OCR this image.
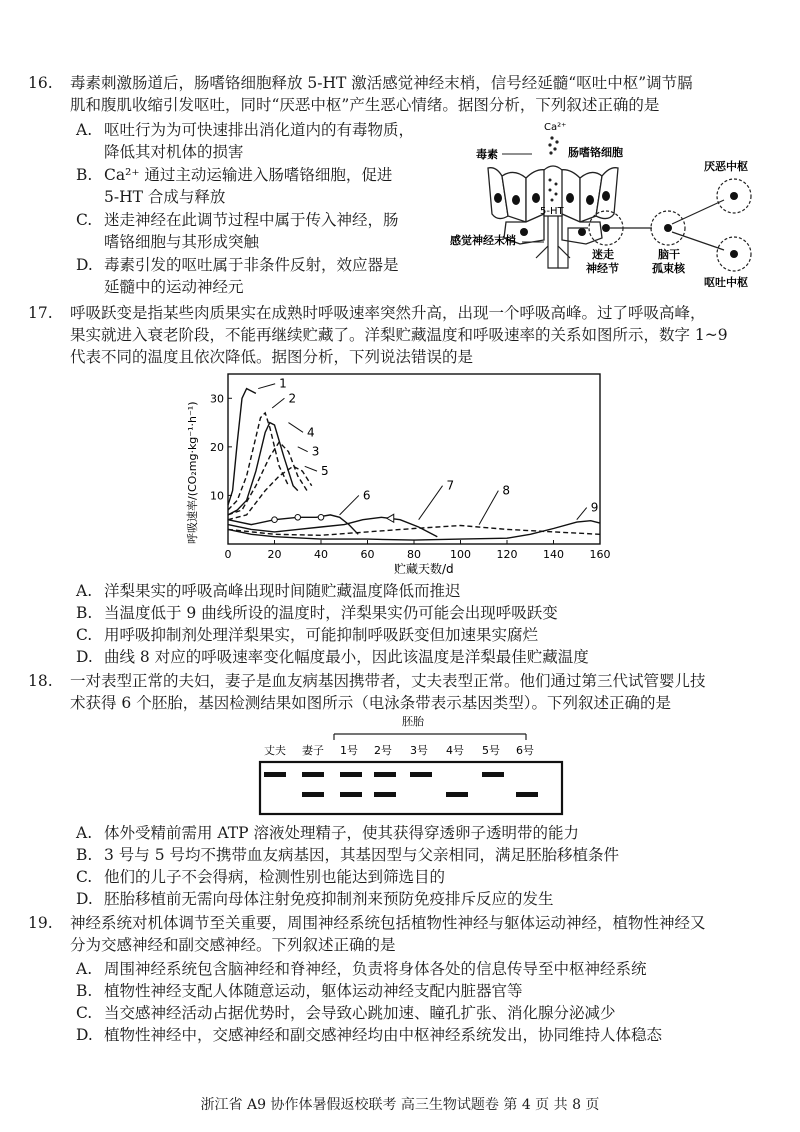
16. 毒素刺激肠道后，肠嗜铬细胞释放 5-HT 激活感觉神经末梢，信号经延髓“呕吐中枢”调节膈
肌和腹肌收缩引发呕吐，同时“厌恶中枢”产生恶心情绪。据图分析，下列叙述正确的是
A. 呕吐行为为可快速排出消化道内的有毒物质，
降低其对机体的损害
B. Ca²⁺ 通过主动运输进入肠嗜铬细胞，促进
5-HT 合成与释放
C. 迷走神经在此调节过程中属于传入神经，肠
嗜铬细胞与其形成突触
D. 毒素引发的呕吐属于非条件反射，效应器是
延髓中的运动神经元
Ca²⁺
毒素	肠嗜铬细胞
5-HT
感觉神经末梢
迷走
神经节
脑干
孤束核
厌恶中枢
呕吐中枢
17. 呼吸跃变是指某些肉质果实在成熟时呼吸速率突然升高，出现一个呼吸高峰。过了呼吸高峰，
果实就进入衰老阶段，不能再继续贮藏了。洋梨贮藏温度和呼吸速率的关系如图所示，数字 1~9
代表不同的温度且依次降低。据图分析，下列说法错误的是
呼吸速率/(CO₂mg·kg⁻¹·h⁻¹)
贮藏天数/d
0	20	40	60	80	100 120 140 160
10
20
30
1
2
4
3
5
6
7	8
9
A. 洋梨果实的呼吸高峰出现时间随贮藏温度降低而推迟
B. 当温度低于 9 曲线所设的温度时，洋梨果实仍可能会出现呼吸跃变
C. 用呼吸抑制剂处理洋梨果实，可能抑制呼吸跃变但加速果实腐烂
D. 曲线 8 对应的呼吸速率变化幅度最小，因此该温度是洋梨最佳贮藏温度
18. 一对表型正常的夫妇，妻子是血友病基因携带者，丈夫表型正常。他们通过第三代试管婴儿技
术获得 6 个胚胎，基因检测结果如图所示（电泳条带表示基因类型）。下列叙述正确的是
胚胎
丈夫 妻子 1号 2号 3号 4号 5号 6号
A. 体外受精前需用 ATP 溶液处理精子，使其获得穿透卵子透明带的能力
B. 3 号与 5 号均不携带血友病基因，其基因型与父亲相同，满足胚胎移植条件
C. 他们的儿子不会得病，检测性别也能达到筛选目的
D. 胚胎移植前无需向母体注射免疫抑制剂来预防免疫排斥反应的发生
19. 神经系统对机体调节至关重要，周围神经系统包括植物性神经与躯体运动神经，植物性神经又
分为交感神经和副交感神经。下列叙述正确的是
A. 周围神经系统包含脑神经和脊神经，负责将身体各处的信息传导至中枢神经系统
B. 植物性神经支配人体随意运动，躯体运动神经支配内脏器官等
C. 当交感神经活动占据优势时，会导致心跳加速、瞳孔扩张、消化腺分泌减少
D. 植物性神经中，交感神经和副交感神经均由中枢神经系统发出，协同维持人体稳态
浙江省 A9 协作体暑假返校联考 高三生物试题卷 第 4 页 共 8 页
